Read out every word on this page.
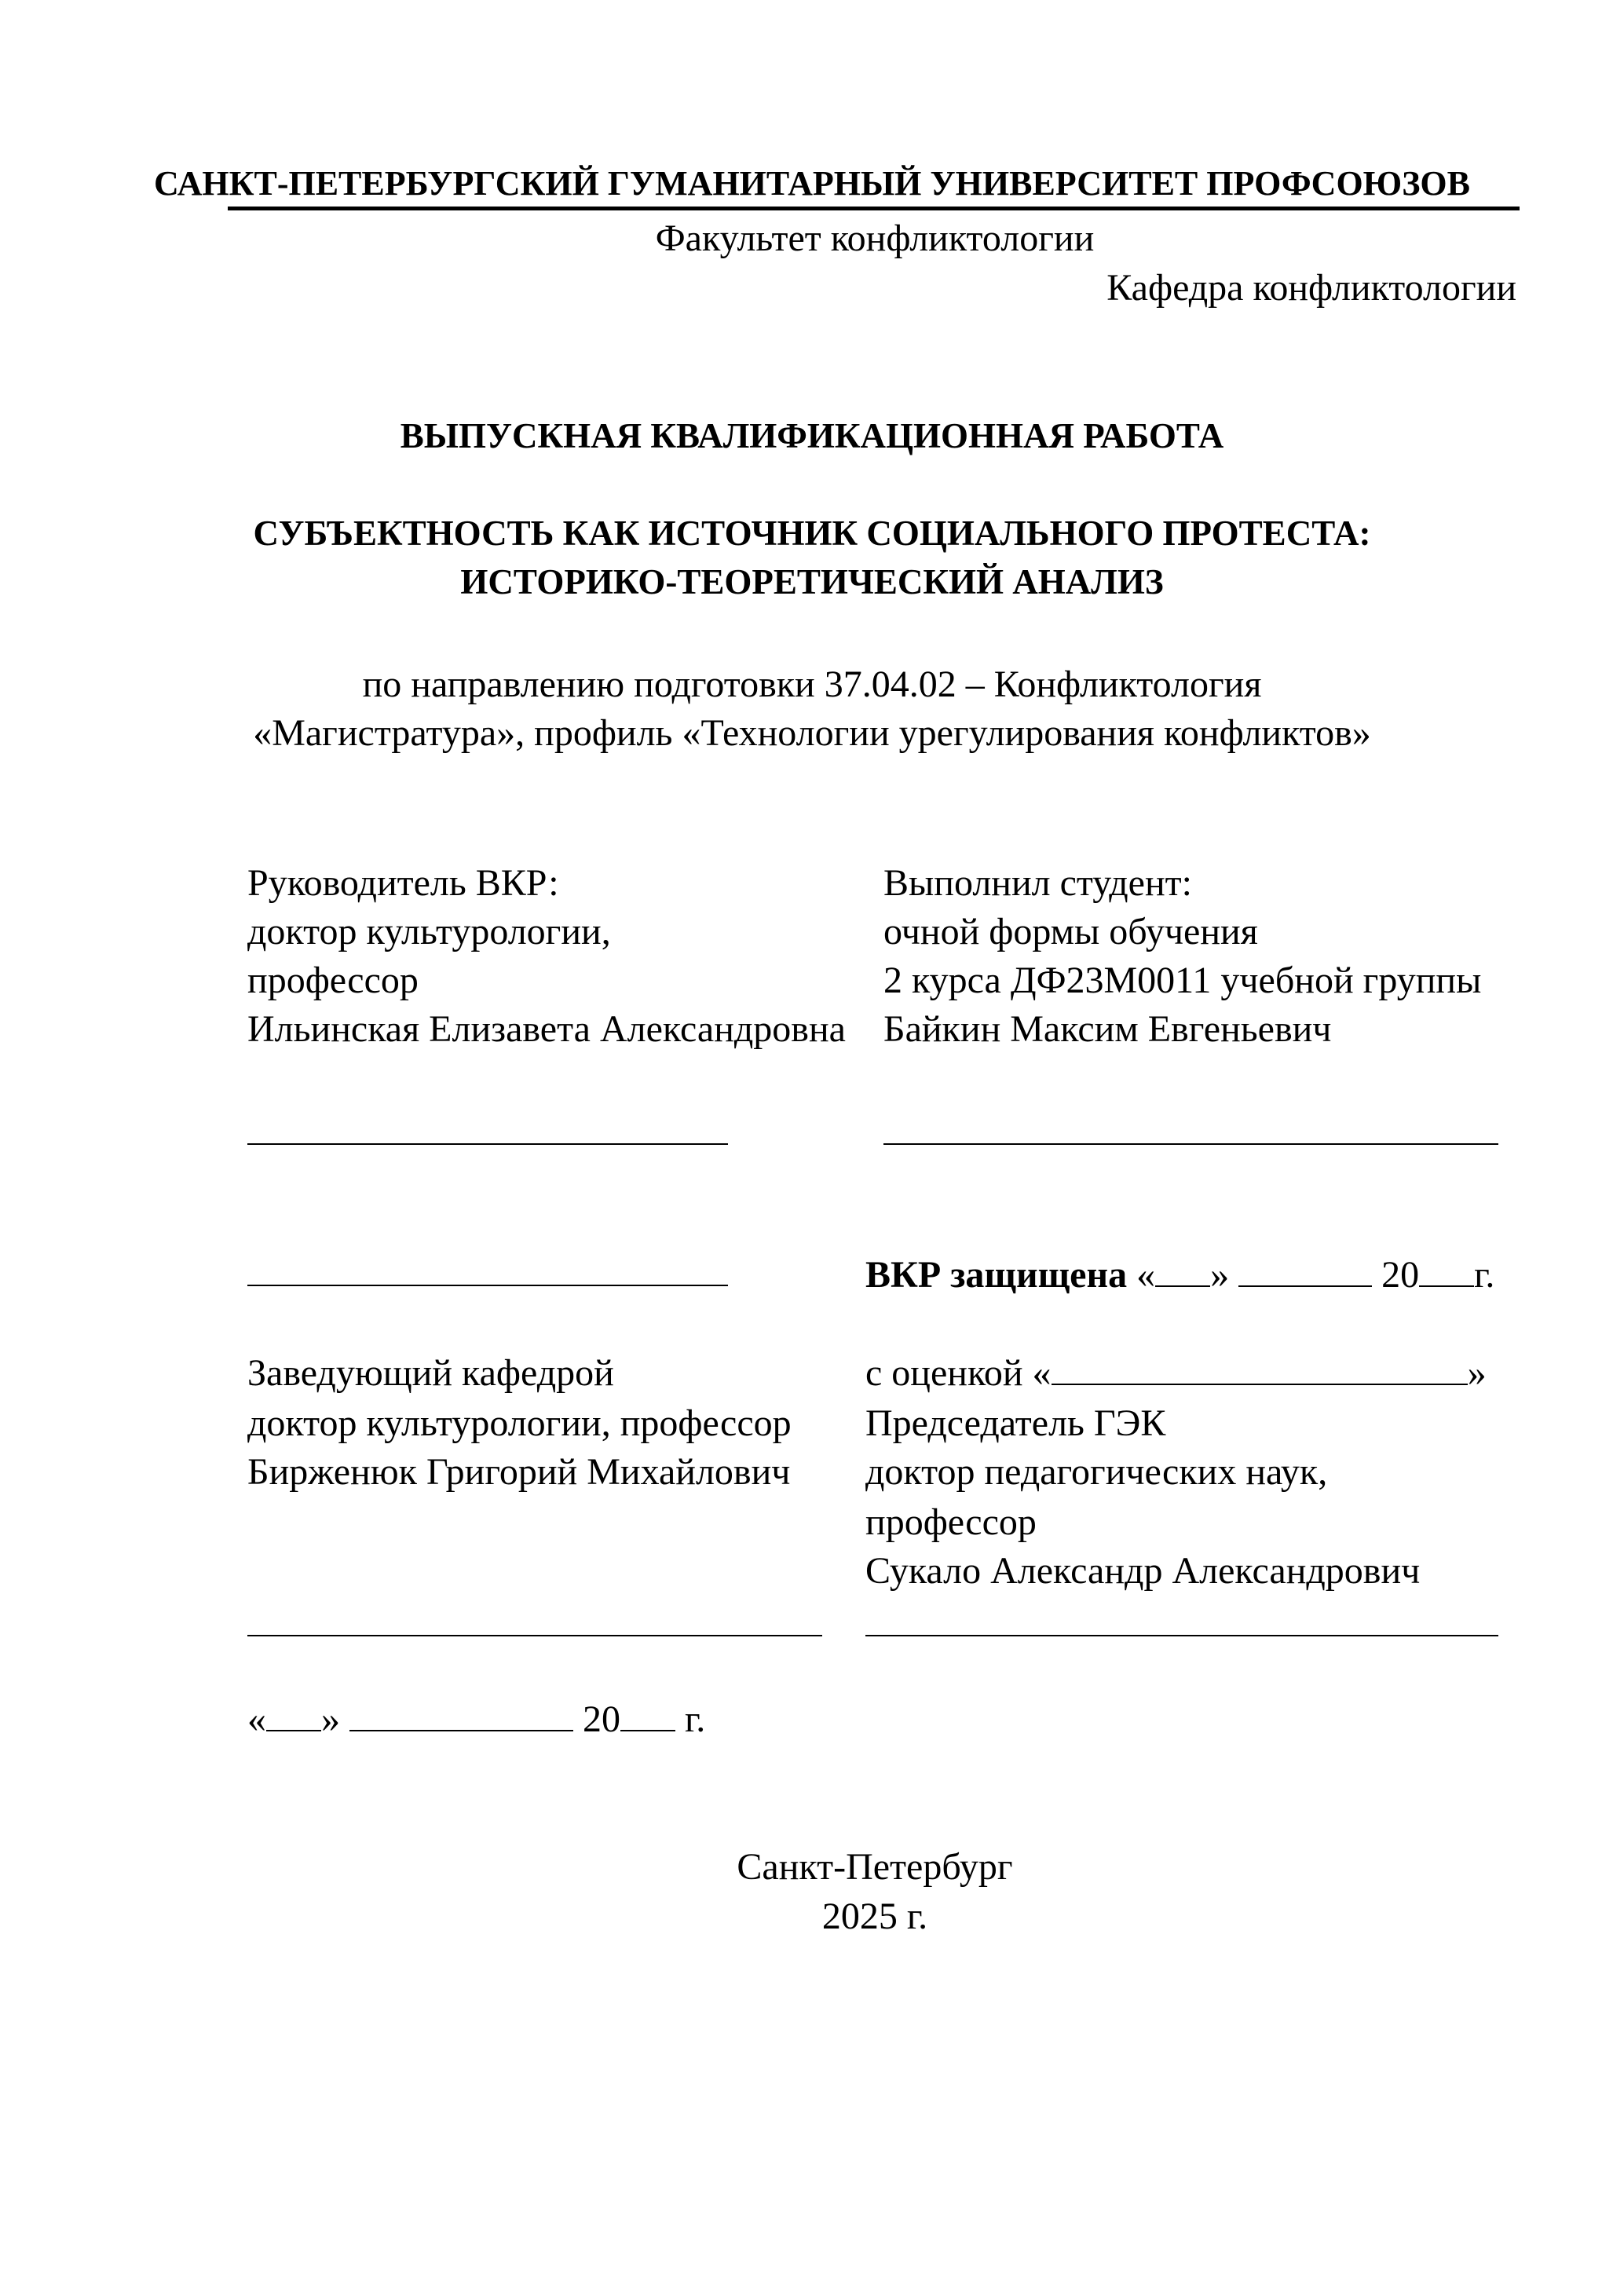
САНКТ-ПЕТЕРБУРГСКИЙ ГУМАНИТАРНЫЙ УНИВЕРСИТЕТ ПРОФСОЮЗОВ
Факультет конфликтологии
Кафедра конфликтологии
ВЫПУСКНАЯ КВАЛИФИКАЦИОННАЯ РАБОТА
СУБЪЕКТНОСТЬ КАК ИСТОЧНИК СОЦИАЛЬНОГО ПРОТЕСТА:
ИСТОРИКО-ТЕОРЕТИЧЕСКИЙ АНАЛИЗ
по направлению подготовки 37.04.02 – Конфликтология
«Магистратура», профиль «Технологии урегулирования конфликтов»
Руководитель ВКР:
доктор культурологии,
профессор
Ильинская Елизавета Александровна
Выполнил студент:
очной формы обучения
2 курса ДФ23М0011 учебной группы
Байкин Максим Евгеньевич
ВКР защищена « »	20 г.
Заведующий кафедрой
доктор культурологии, профессор
Бирженюк Григорий Михайлович
с оценкой «	»
Председатель ГЭК
доктор педагогических наук,
профессор
Сукало Александр Александрович
« »	20 г.
Санкт-Петербург
2025 г.
